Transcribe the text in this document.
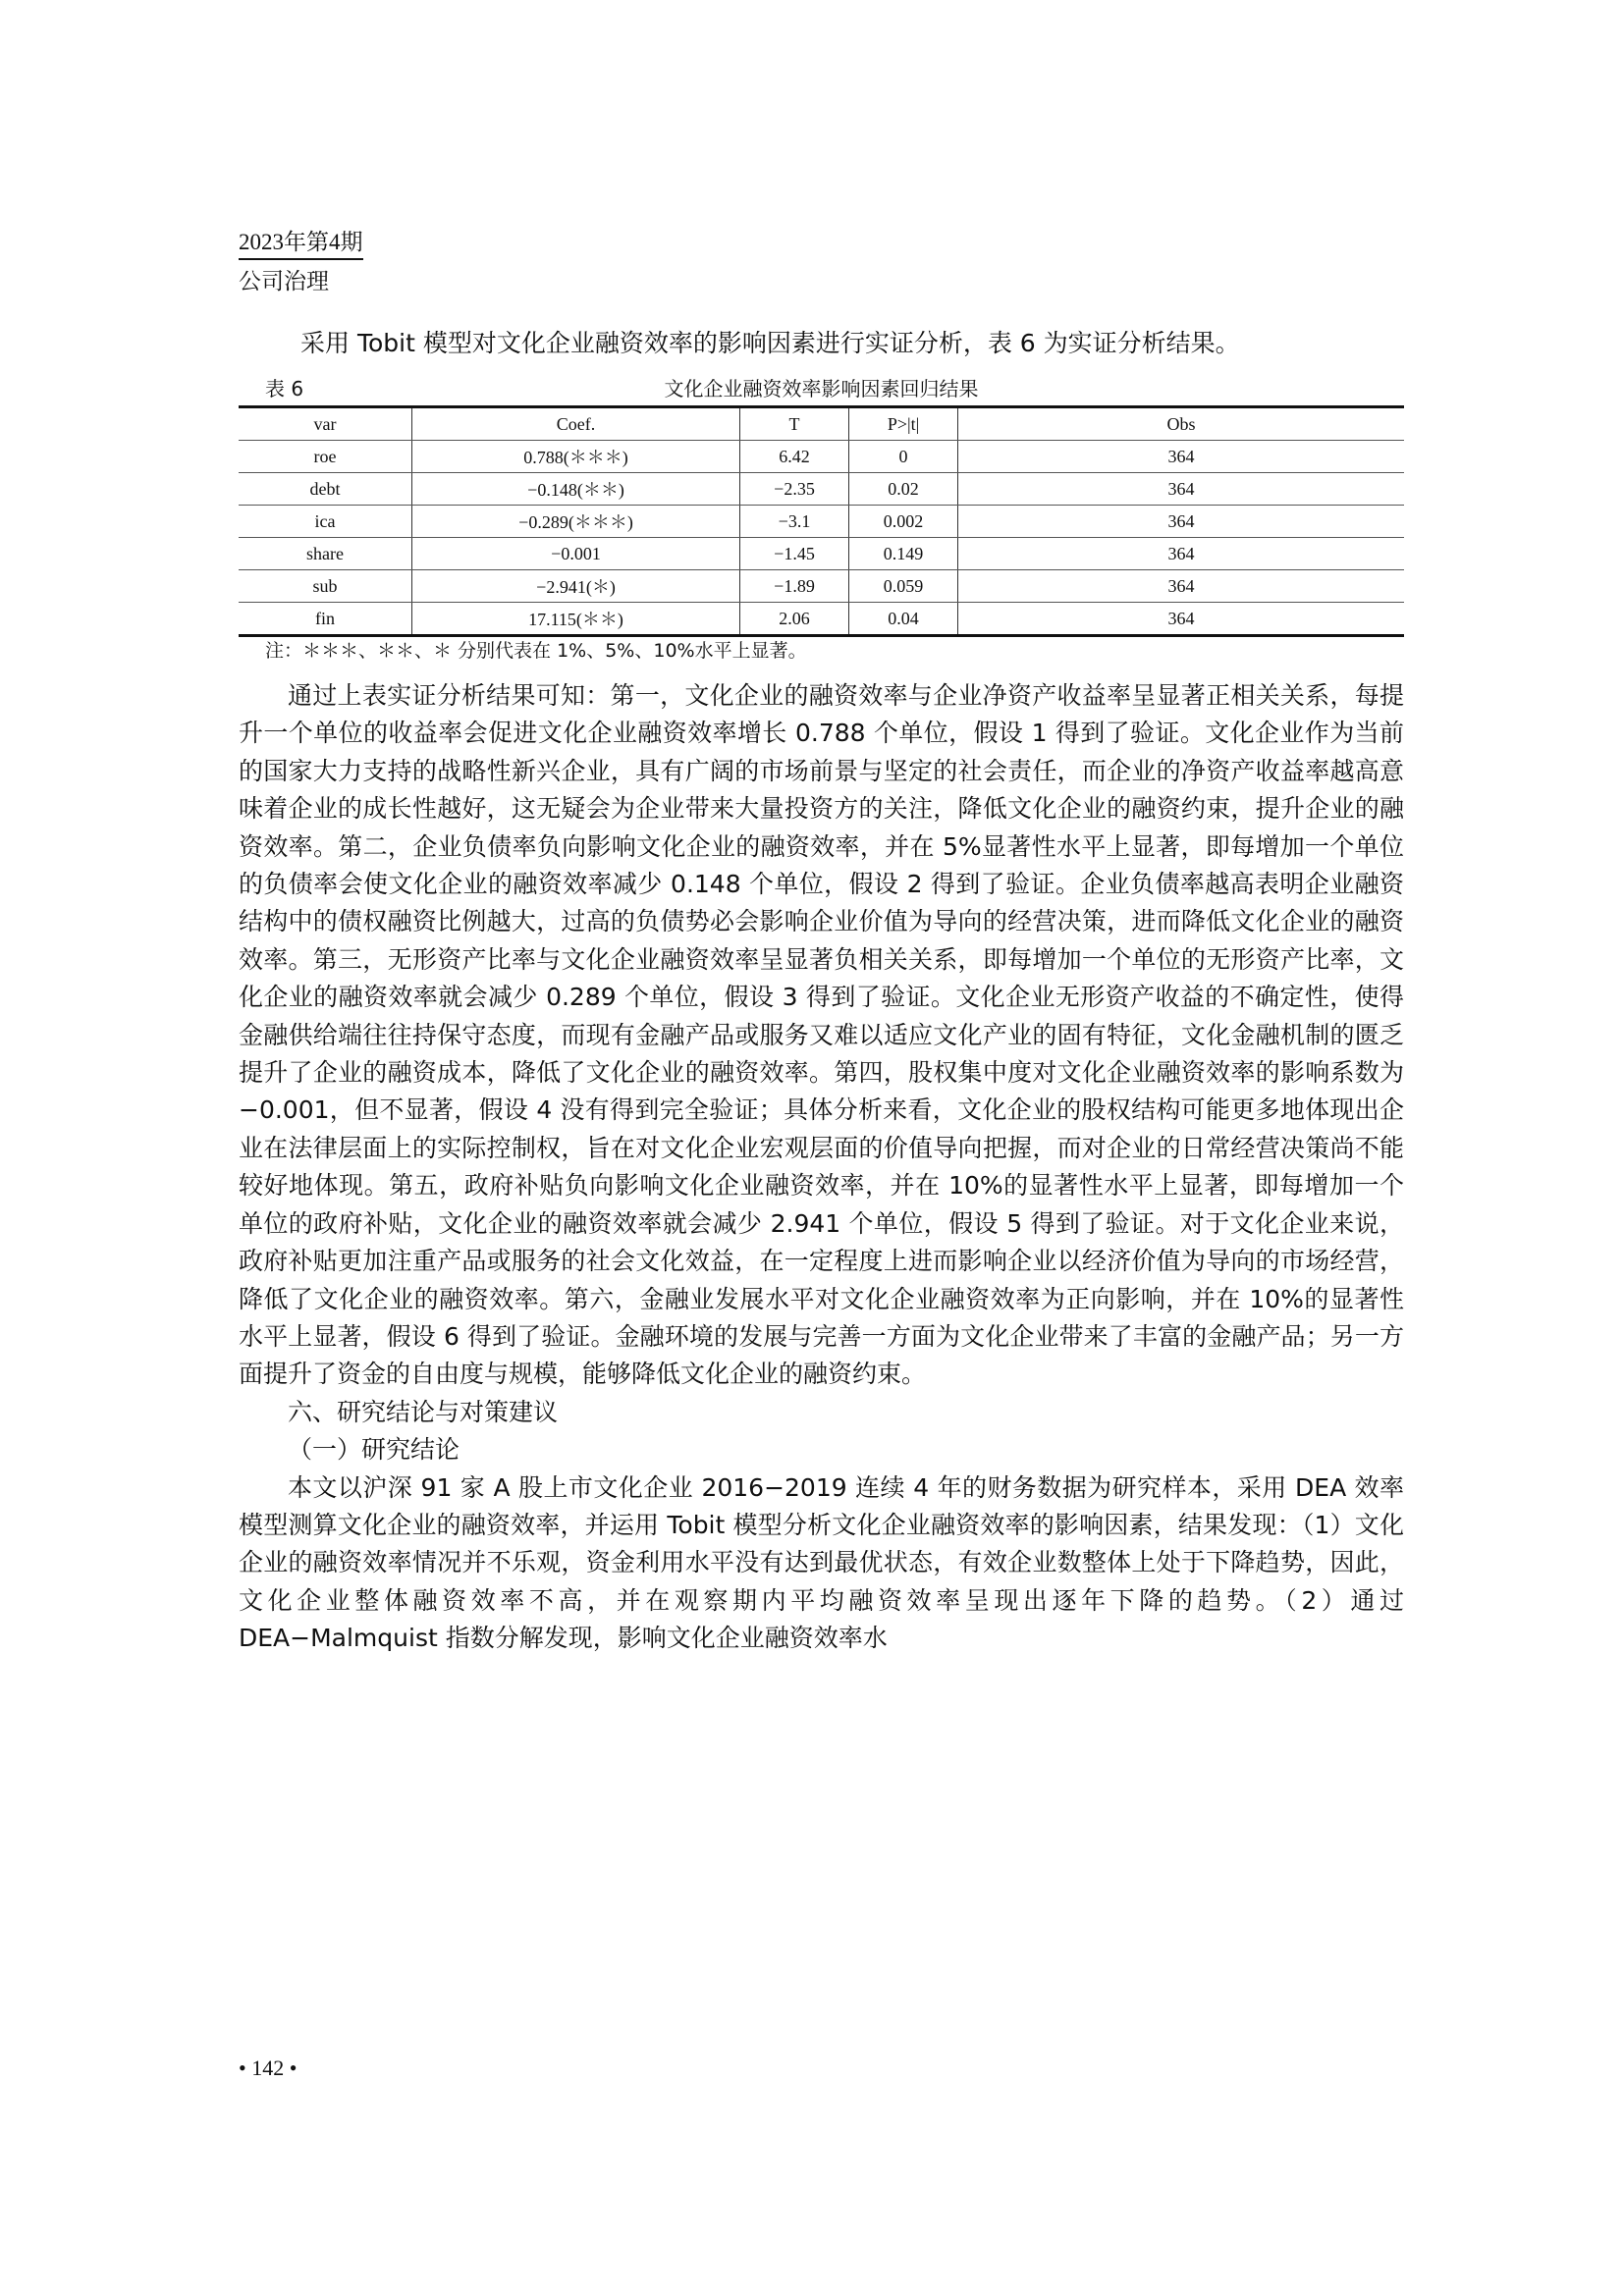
2023年第4期
公司治理
采用 Tobit 模型对文化企业融资效率的影响因素进行实证分析，表 6 为实证分析结果。
表 6	文化企业融资效率影响因素回归结果
var	Coef.	T	P>|t|	Obs
roe	0.788(＊＊＊)	6.42	0	364
debt	−0.148(＊＊)	−2.35	0.02	364
ica	−0.289(＊＊＊)	−3.1	0.002	364
share	−0.001	−1.45	0.149	364
sub	−2.941(＊)	−1.89	0.059	364
fin	17.115(＊＊)	2.06	0.04	364
注：＊＊＊、＊＊、＊ 分别代表在 1%、5%、10%水平上显著。

通过上表实证分析结果可知：第一，文化企业的融资效率与企业净资产收益率呈显著正相关关系，每提升一个单位的收益率会促进文化企业融资效率增长 0.788 个单位，假设 1 得到了验证。文化企业作为当前的国家大力支持的战略性新兴企业，具有广阔的市场前景与坚定的社会责任，而企业的净资产收益率越高意味着企业的成长性越好，这无疑会为企业带来大量投资方的关注，降低文化企业的融资约束，提升企业的融资效率。第二，企业负债率负向影响文化企业的融资效率，并在 5%显著性水平上显著，即每增加一个单位的负债率会使文化企业的融资效率减少 0.148 个单位，假设 2 得到了验证。企业负债率越高表明企业融资结构中的债权融资比例越大，过高的负债势必会影响企业价值为导向的经营决策，进而降低文化企业的融资效率。第三，无形资产比率与文化企业融资效率呈显著负相关关系，即每增加一个单位的无形资产比率，文化企业的融资效率就会减少 0.289 个单位，假设 3 得到了验证。文化企业无形资产收益的不确定性，使得金融供给端往往持保守态度，而现有金融产品或服务又难以适应文化产业的固有特征，文化金融机制的匮乏提升了企业的融资成本，降低了文化企业的融资效率。第四，股权集中度对文化企业融资效率的影响系数为−0.001，但不显著，假设 4 没有得到完全验证；具体分析来看，文化企业的股权结构可能更多地体现出企业在法律层面上的实际控制权，旨在对文化企业宏观层面的价值导向把握，而对企业的日常经营决策尚不能较好地体现。第五，政府补贴负向影响文化企业融资效率，并在 10%的显著性水平上显著，即每增加一个单位的政府补贴，文化企业的融资效率就会减少 2.941 个单位，假设 5 得到了验证。对于文化企业来说，政府补贴更加注重产品或服务的社会文化效益，在一定程度上进而影响企业以经济价值为导向的市场经营，降低了文化企业的融资效率。第六，金融业发展水平对文化企业融资效率为正向影响，并在 10%的显著性水平上显著，假设 6 得到了验证。金融环境的发展与完善一方面为文化企业带来了丰富的金融产品；另一方面提升了资金的自由度与规模，能够降低文化企业的融资约束。

六、研究结论与对策建议

（一）研究结论

本文以沪深 91 家 A 股上市文化企业 2016−2019 连续 4 年的财务数据为研究样本，采用 DEA 效率模型测算文化企业的融资效率，并运用 Tobit 模型分析文化企业融资效率的影响因素，结果发现：（1）文化企业的融资效率情况并不乐观，资金利用水平没有达到最优状态，有效企业数整体上处于下降趋势，因此，文化企业整体融资效率不高，并在观察期内平均融资效率呈现出逐年下降的趋势。（2）通过 DEA−Malmquist 指数分解发现，影响文化企业融资效率水

• 142 •
